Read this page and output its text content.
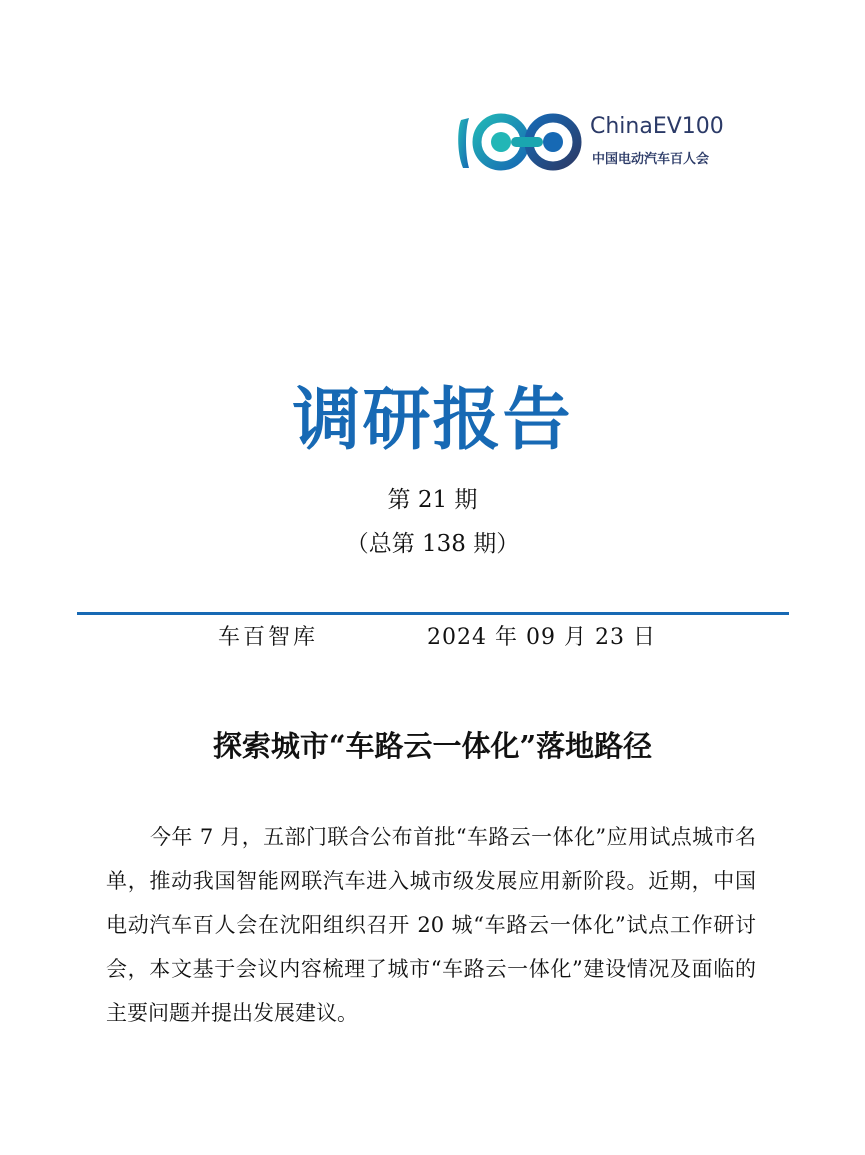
ChinaEV100
中国电动汽车百人会
调研报告

第 21 期

（总第 138 期）

车百智库	2024 年 09 月 23 日
探索城市“车路云一体化”落地路径

今年 7 月，五部门联合公布首批“车路云一体化”应用试点城市名单，推动我国智能网联汽车进入城市级发展应用新阶段。近期，中国电动汽车百人会在沈阳组织召开 20 城“车路云一体化”试点工作研讨会，本文基于会议内容梳理了城市“车路云一体化”建设情况及面临的主要问题并提出发展建议。
